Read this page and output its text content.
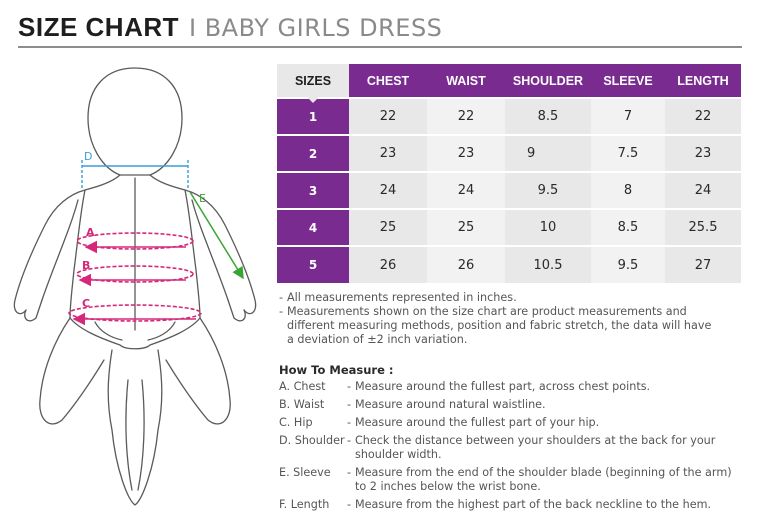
SIZE CHART I BABY GIRLS DRESS
D
E
A
B
C
SIZES	CHEST	WAIST	SHOULDER	SLEEVE	LENGTH
1	22	22	8.5	7	22
2	23	23	9	7.5	23
3	24	24	9.5	8	24
4	25	25	10	8.5	25.5
5	26	26	10.5	9.5	27
- All measurements represented in inches.
- Measurements shown on the size chart are product measurements and
different measuring methods, position and fabric stretch, the data will have
a deviation of ±2 inch variation.
How To Measure :
A. Chest	- Measure around the fullest part, across chest points.
B. Waist	- Measure around natural waistline.
C. Hip	- Measure around the fullest part of your hip.
D. Shoulder - Check the distance between your shoulders at the back for your
shoulder width.
E. Sleeve	- Measure from the end of the shoulder blade (beginning of the arm)
to 2 inches below the wrist bone.
F. Length	- Measure from the highest part of the back neckline to the hem.
